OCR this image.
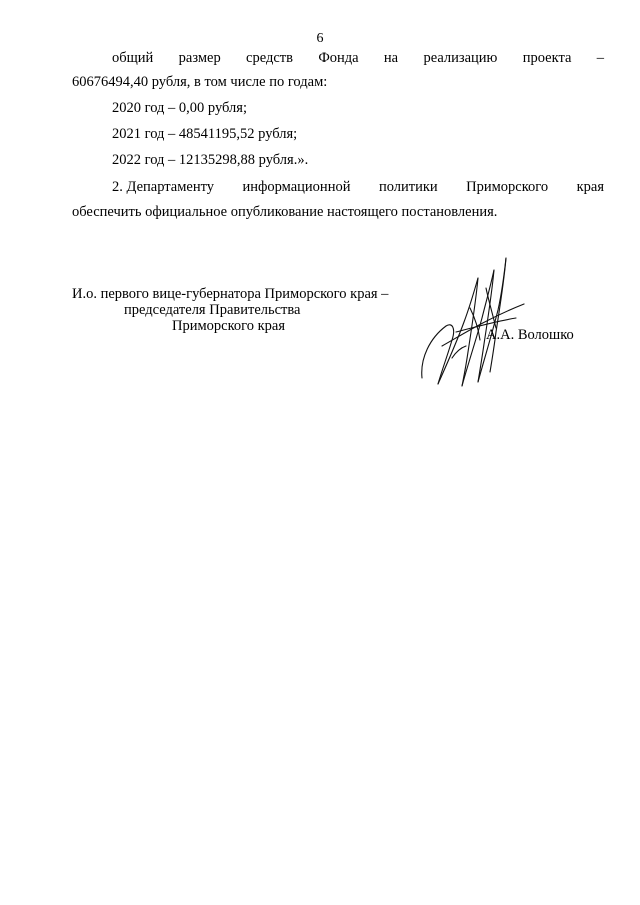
6
общий размер средств Фонда на реализацию проекта –
60676494,40 рубля, в том числе по годам:
2020 год – 0,00 рубля;
2021 год – 48541195,52 рубля;
2022 год – 12135298,88 рубля.».
2. Департаменту информационной политики Приморского края
обеспечить официальное опубликование настоящего постановления.
И.о. первого вице-губернатора Приморского края –
председателя Правительства
Приморского края
А.А. Волошко
